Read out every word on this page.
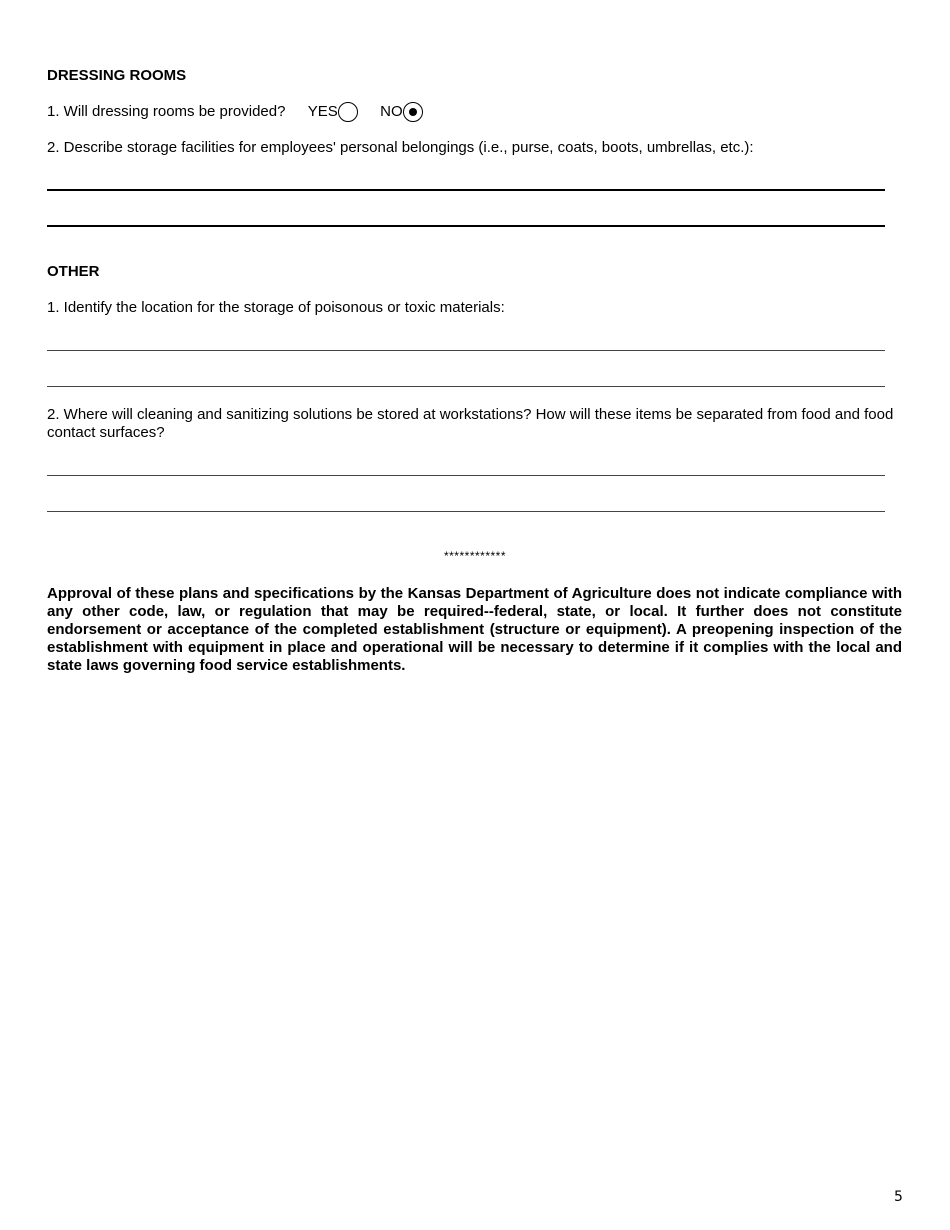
DRESSING ROOMS
1. Will dressing rooms be provided? YES	NO
2. Describe storage facilities for employees' personal belongings (i.e., purse, coats, boots, umbrellas, etc.):
OTHER
1. Identify the location for the storage of poisonous or toxic materials:
2. Where will cleaning and sanitizing solutions be stored at workstations? How will these items be separated from food and food contact surfaces?
************
Approval of these plans and specifications by the Kansas Department of Agriculture does not indicate compliance with any other code, law, or regulation that may be required--federal, state, or local. It further does not constitute endorsement or acceptance of the completed establishment (structure or equipment). A preopening inspection of the establishment with equipment in place and operational will be necessary to determine if it complies with the local and state laws governing food service establishments.
5
